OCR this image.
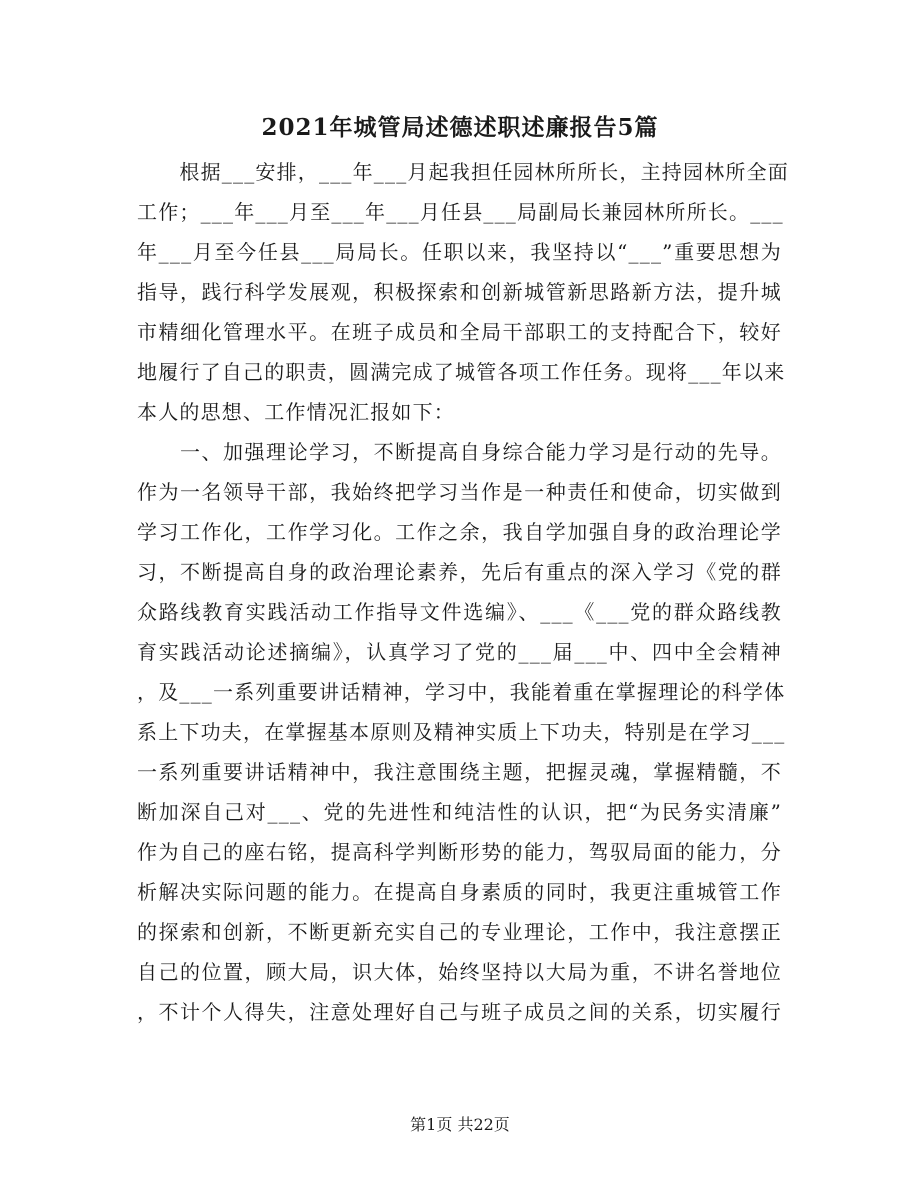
2021年城管局述德述职述廉报告5篇
　　根据___安排，___年___月起我担任园林所所长，主持园林所全面
工作；___年___月至___年___月任县___局副局长兼园林所所长。___
年___月至今任县___局局长。任职以来，我坚持以“___”重要思想为
指导，践行科学发展观，积极探索和创新城管新思路新方法，提升城
市精细化管理水平。在班子成员和全局干部职工的支持配合下，较好
地履行了自己的职责，圆满完成了城管各项工作任务。现将___年以来
本人的思想、工作情况汇报如下：
　　一、加强理论学习，不断提高自身综合能力学习是行动的先导。
作为一名领导干部，我始终把学习当作是一种责任和使命，切实做到
学习工作化，工作学习化。工作之余，我自学加强自身的政治理论学
习，不断提高自身的政治理论素养，先后有重点的深入学习《党的群
众路线教育实践活动工作指导文件选编》、___《___党的群众路线教
育实践活动论述摘编》，认真学习了党的___届___中、四中全会精神
，及___一系列重要讲话精神，学习中，我能着重在掌握理论的科学体
系上下功夫，在掌握基本原则及精神实质上下功夫，特别是在学习___
一系列重要讲话精神中，我注意围绕主题，把握灵魂，掌握精髓，不
断加深自己对___、党的先进性和纯洁性的认识，把“为民务实清廉”
作为自己的座右铭，提高科学判断形势的能力，驾驭局面的能力，分
析解决实际问题的能力。在提高自身素质的同时，我更注重城管工作
的探索和创新，不断更新充实自己的专业理论，工作中，我注意摆正
自己的位置，顾大局，识大体，始终坚持以大局为重，不讲名誉地位
，不计个人得失，注意处理好自己与班子成员之间的关系，切实履行
第1页 共22页
